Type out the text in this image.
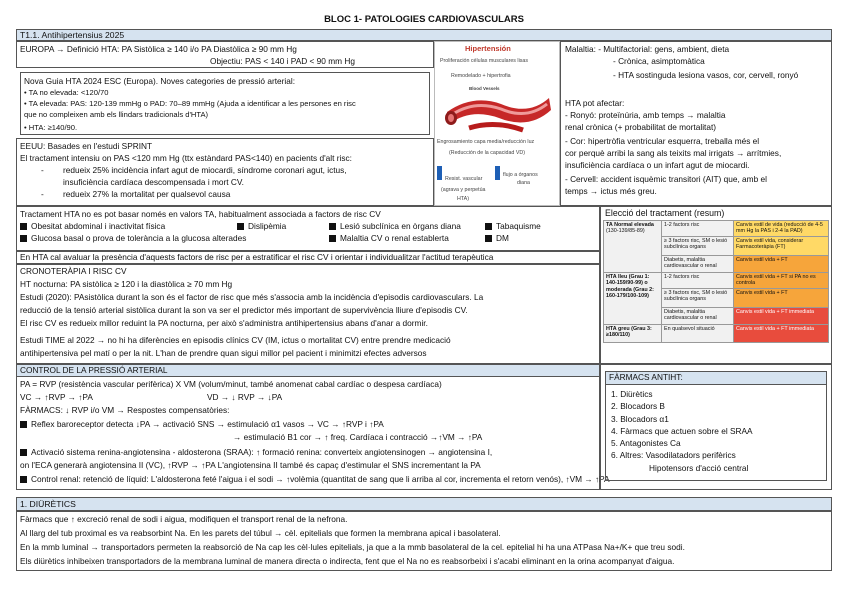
BLOC 1- PATOLOGIES CARDIOVASCULARS
T1.1. Antihipertensius 2025
EUROPA → Definició HTA: PA Sistòlica ≥ 140 i/o PA Diastòlica ≥ 90 mm Hg
Objectiu: PAS < 140 i PAD < 90 mm Hg
Nova Guia HTA 2024 ESC (Europa). Noves categories de pressió arterial:
• TA no elevada: <120/70
• TA elevada: PAS: 120-139 mmHg o PAD: 70–89 mmHg (Ajuda a identificar a les persones en risc
que no compleixen amb els llindars tradicionals d'HTA)
• HTA: ≥140/90.
EEUU: Basades en l'estudi SPRINT
El tractament intensiu on PAS <120 mm Hg (ttx estàndard PAS<140) en pacients d'alt risc:
- redueix 25% incidència infart agut de miocardi, síndrome coronari agut, ictus,
insuficiència cardíaca descompensada i mort CV.
- redueix 27% la mortalitat per qualsevol causa
Hipertensión
Proliferación células musculares lisas
Remodelado + hipertrofia
Blood Vessels
Engrosamiento capa media/reducción luz
(Reducción de la capacidad VD)
Resist. vascular
flujo a órganos
diana
(agrava y perpetúa
HTA)
Malaltia: - Multifactorial: gens, ambient, dieta
- Crònica, asimptomàtica
- HTA sostinguda lesiona vasos, cor, cervell, ronyó
HTA pot afectar:
- Ronyó: proteïnúria, amb temps → malaltia
renal crònica (+ probabilitat de mortalitat)
- Cor: hipertròfia ventricular esquerra, treballa més el
cor perquè arribi la sang als teixits mal irrigats → arrítmies,
insuficiència cardíaca o un infart agut de miocardi.
- Cervell: accident isquèmic transitori (AIT) que, amb el
temps → ictus més greu.
Tractament HTA no es pot basar només en valors TA, habitualment associada a factors de risc CV
Obesitat abdominal i inactivitat física	Dislipèmia	Lesió subclínica en òrgans diana	Tabaquisme
Glucosa basal o prova de tolerància a la glucosa alterades	Malaltia CV o renal establerta	DM
En HTA cal avaluar la presència d'aquests factors de risc per a estratificar el risc CV i orientar i individualitzar l'actitud terapèutica
CRONOTERÀPIA I RISC CV
HT nocturna: PA sistòlica ≥ 120 i la diastòlica ≥ 70 mm Hg
Estudi (2020): PAsistòlica durant la son és el factor de risc que més s'associa amb la incidència d'episodis cardiovasculars. La
reducció de la tensió arterial sistòlica durant la son va ser el predictor més important de supervivència lliure d'episodis CV.
El risc CV es redueix millor reduint la PA nocturna, per això s'administra antihipertensius abans d'anar a dormir.
Estudi TIME al 2022 → no hi ha diferències en episodis clínics CV (IM, ictus o mortalitat CV) entre prendre medicació
antihipertensiva pel matí o per la nit. L'han de prendre quan sigui millor pel pacient i minimitzi efectes adversos
Elecció del tractament (resum)
TA Normal elevada
(130-139/85-89)	1-2 factors risc	Canvis estil de vida (reducció de 4-5 mm Hg la PAS i 2-4 la PAD)
	≥ 3 factors risc, SM o lesió subclínica organs	Canvis estil vida, considerar Farmacoteràpia (FT)
	Diabetis, malaltia cardiovascular o renal	Canvis estil vida + FT
HTA lleu (Grau 1: 140-159/90-99) o moderada (Grau 2: 160-179/100-109)	1-2 factors risc	Canvis estil vida + FT si PA no es controla
	≥ 3 factors risc, SM o lesió subclínica organs	Canvis estil vida + FT
	Diabetis, malaltia cardiovascular o renal	Canvis estil vida + FT immediata
HTA greu (Grau 3: ≥180/110)	En qualsevol situació	Canvis estil vida + FT immediata
CONTROL DE LA PRESSIÓ ARTERIAL
PA = RVP (resistència vascular perifèrica) X VM (volum/minut, també anomenat cabal cardíac o despesa cardíaca)
VC → ↑RVP → ↑PA	VD → ↓ RVP → ↓PA
FÀRMACS: ↓ RVP i/o VM → Respostes compensatòries:
Reflex baroreceptor detecta ↓PA → activació SNS → estimulació α1 vasos → VC → ↑RVP i ↑PA
→ estimulació B1 cor → ↑ freq. Cardíaca i contracció →↑VM → ↑PA
Activació sistema renina-angiotensina - aldosterona (SRAA): ↑ formació renina: converteix angiotensinogen → angiotensina I,
on l'ECA generarà angiotensina II (VC), ↑RVP → ↑PA L'angiotensina II també és capaç d'estimular el SNS incrementant la PA
Control renal: retenció de líquid: L'aldosterona feté l'aigua i el sodi → ↑volèmia (quantitat de sang que li arriba al cor, incrementa el retorn venós), ↑VM → ↑PA
FÀRMACS ANTIHT:
1. Diürètics
2. Blocadors B
3. Blocadors α1
4. Fàrmacs que actuen sobre el SRAA
5. Antagonistes Ca
6. Altres: Vasodilatadors perifèrics
Hipotensors d'acció central
1. DIÜRÈTICS
Fàrmacs que ↑ excreció renal de sodi i aigua, modifiquen el transport renal de la nefrona.
Al llarg del tub proximal es va reabsorbint Na. En les parets del túbul → cèl. epitelials que formen la membrana apical i basolateral.
En la mmb luminal → transportadors permeten la reabsorció de Na cap les cèl·lules epitelials, ja que a la mmb basolateral de la cel. epitelial hi ha una ATPasa Na+/K+ que treu sodi.
Els diürètics inhibeixen transportadors de la membrana luminal de manera directa o indirecta, fent que el Na no es reabsorbeixi i s'acabi eliminant en la orina acompanyat d'aigua.
